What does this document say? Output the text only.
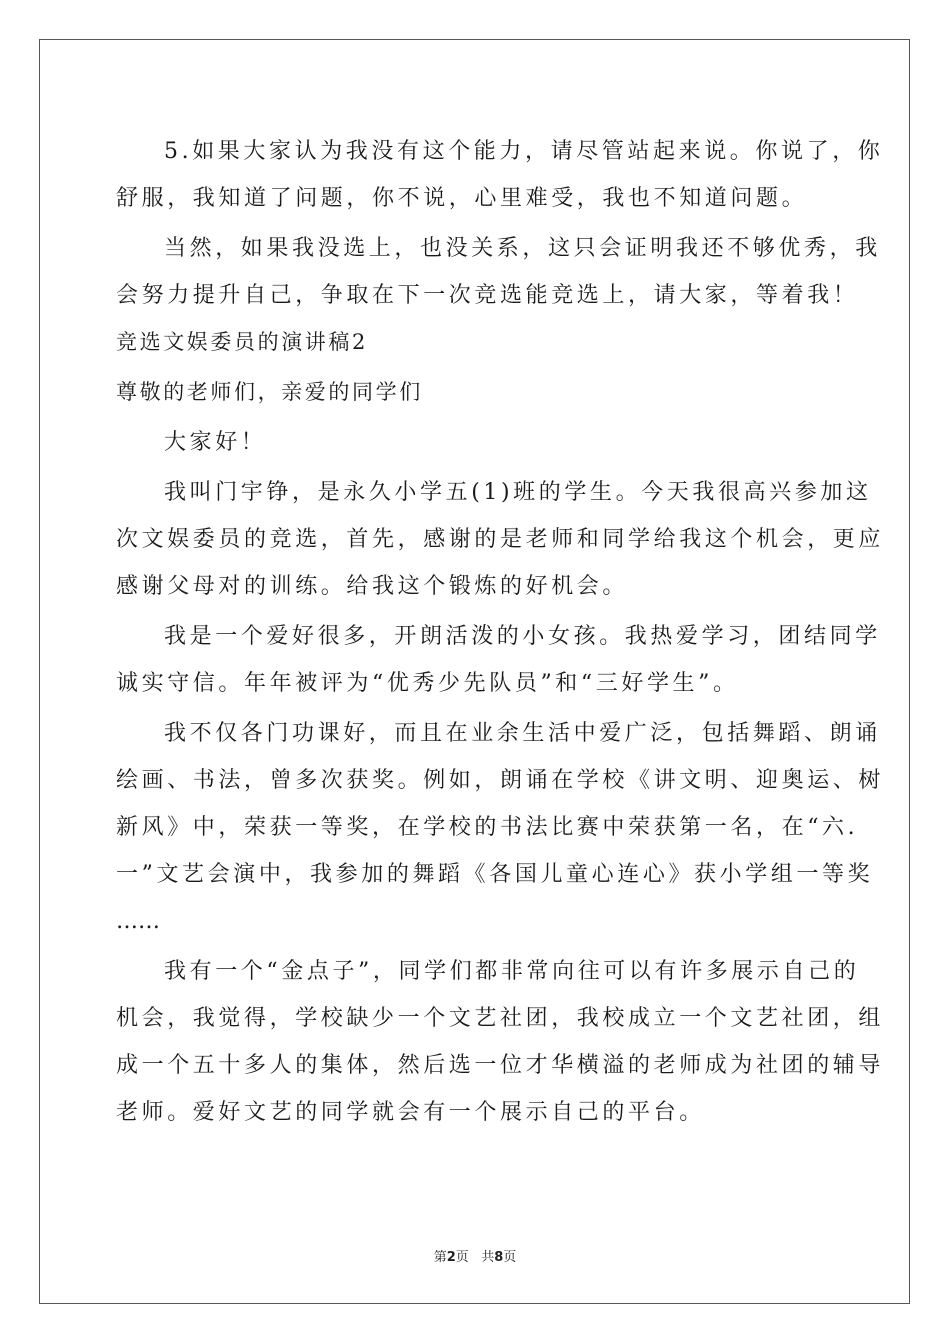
5.如果大家认为我没有这个能力，请尽管站起来说。你说了，你
舒服，我知道了问题，你不说，心里难受，我也不知道问题。
当然，如果我没选上，也没关系，这只会证明我还不够优秀，我
会努力提升自己，争取在下一次竞选能竞选上，请大家，等着我！
竞选文娱委员的演讲稿2
尊敬的老师们，亲爱的同学们
大家好！
我叫门宇铮，是永久小学五(1)班的学生。今天我很高兴参加这
次文娱委员的竞选，首先，感谢的是老师和同学给我这个机会，更应
感谢父母对的训练。给我这个锻炼的好机会。
我是一个爱好很多，开朗活泼的小女孩。我热爱学习，团结同学
诚实守信。年年被评为“优秀少先队员”和“三好学生”。
我不仅各门功课好，而且在业余生活中爱广泛，包括舞蹈、朗诵
绘画、书法，曾多次获奖。例如，朗诵在学校《讲文明、迎奥运、树
新风》中，荣获一等奖，在学校的书法比赛中荣获第一名，在“六.
一”文艺会演中，我参加的舞蹈《各国儿童心连心》获小学组一等奖
……
我有一个“金点子”，同学们都非常向往可以有许多展示自己的
机会，我觉得，学校缺少一个文艺社团，我校成立一个文艺社团，组
成一个五十多人的集体，然后选一位才华横溢的老师成为社团的辅导
老师。爱好文艺的同学就会有一个展示自己的平台。
第2页 共8页
